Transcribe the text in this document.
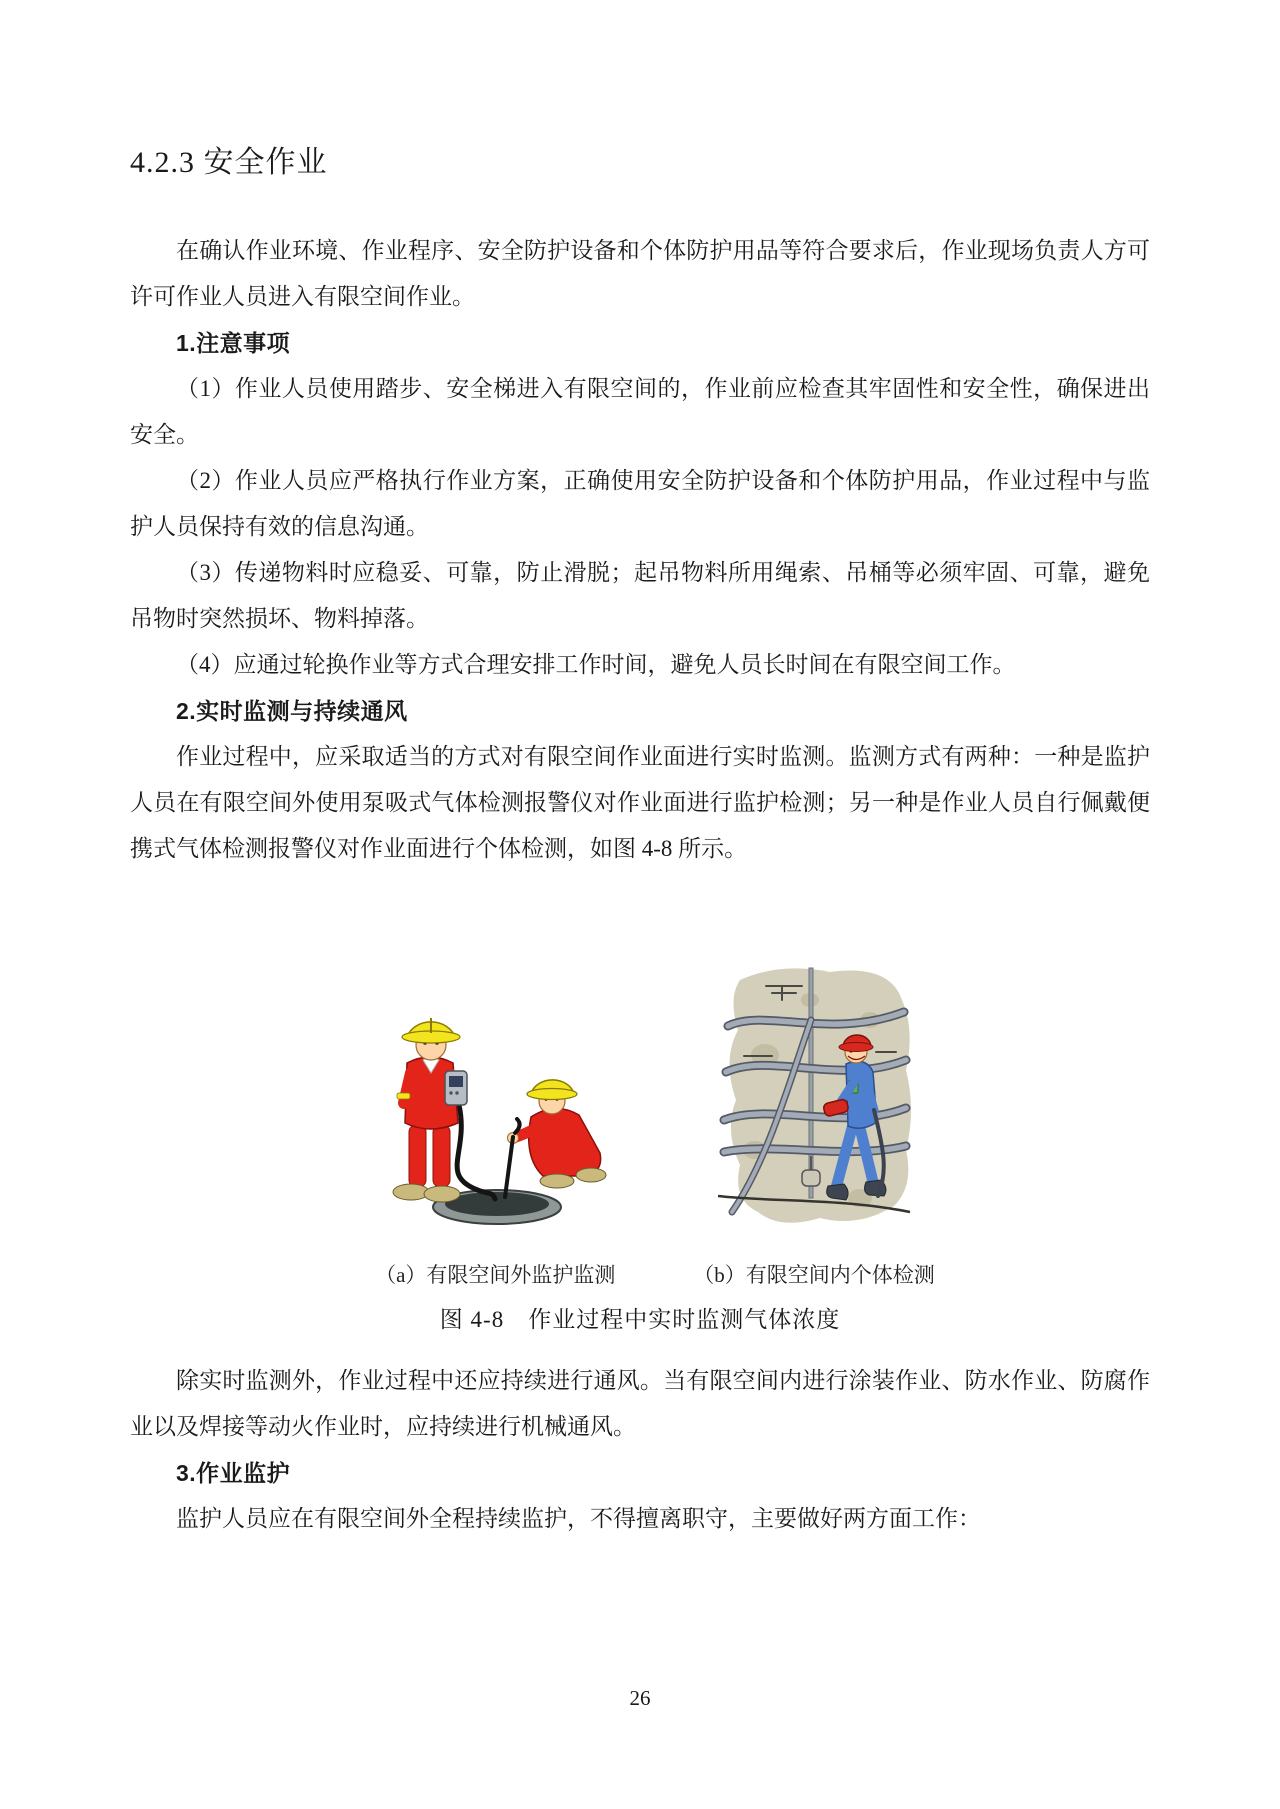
4.2.3 安全作业

在确认作业环境、作业程序、安全防护设备和个体防护用品等符合要求后，作业现场负责人方可许可作业人员进入有限空间作业。

1.注意事项

（1）作业人员使用踏步、安全梯进入有限空间的，作业前应检查其牢固性和安全性，确保进出安全。

（2）作业人员应严格执行作业方案，正确使用安全防护设备和个体防护用品，作业过程中与监护人员保持有效的信息沟通。

（3）传递物料时应稳妥、可靠，防止滑脱；起吊物料所用绳索、吊桶等必须牢固、可靠，避免吊物时突然损坏、物料掉落。

（4）应通过轮换作业等方式合理安排工作时间，避免人员长时间在有限空间工作。

2.实时监测与持续通风

作业过程中，应采取适当的方式对有限空间作业面进行实时监测。监测方式有两种：一种是监护人员在有限空间外使用泵吸式气体检测报警仪对作业面进行监护检测；另一种是作业人员自行佩戴便携式气体检测报警仪对作业面进行个体检测，如图 4-8 所示。

（a）有限空间外监护监测	（b）有限空间内个体检测

图 4-8　作业过程中实时监测气体浓度

除实时监测外，作业过程中还应持续进行通风。当有限空间内进行涂装作业、防水作业、防腐作业以及焊接等动火作业时，应持续进行机械通风。

3.作业监护

监护人员应在有限空间外全程持续监护，不得擅离职守，主要做好两方面工作：

26
